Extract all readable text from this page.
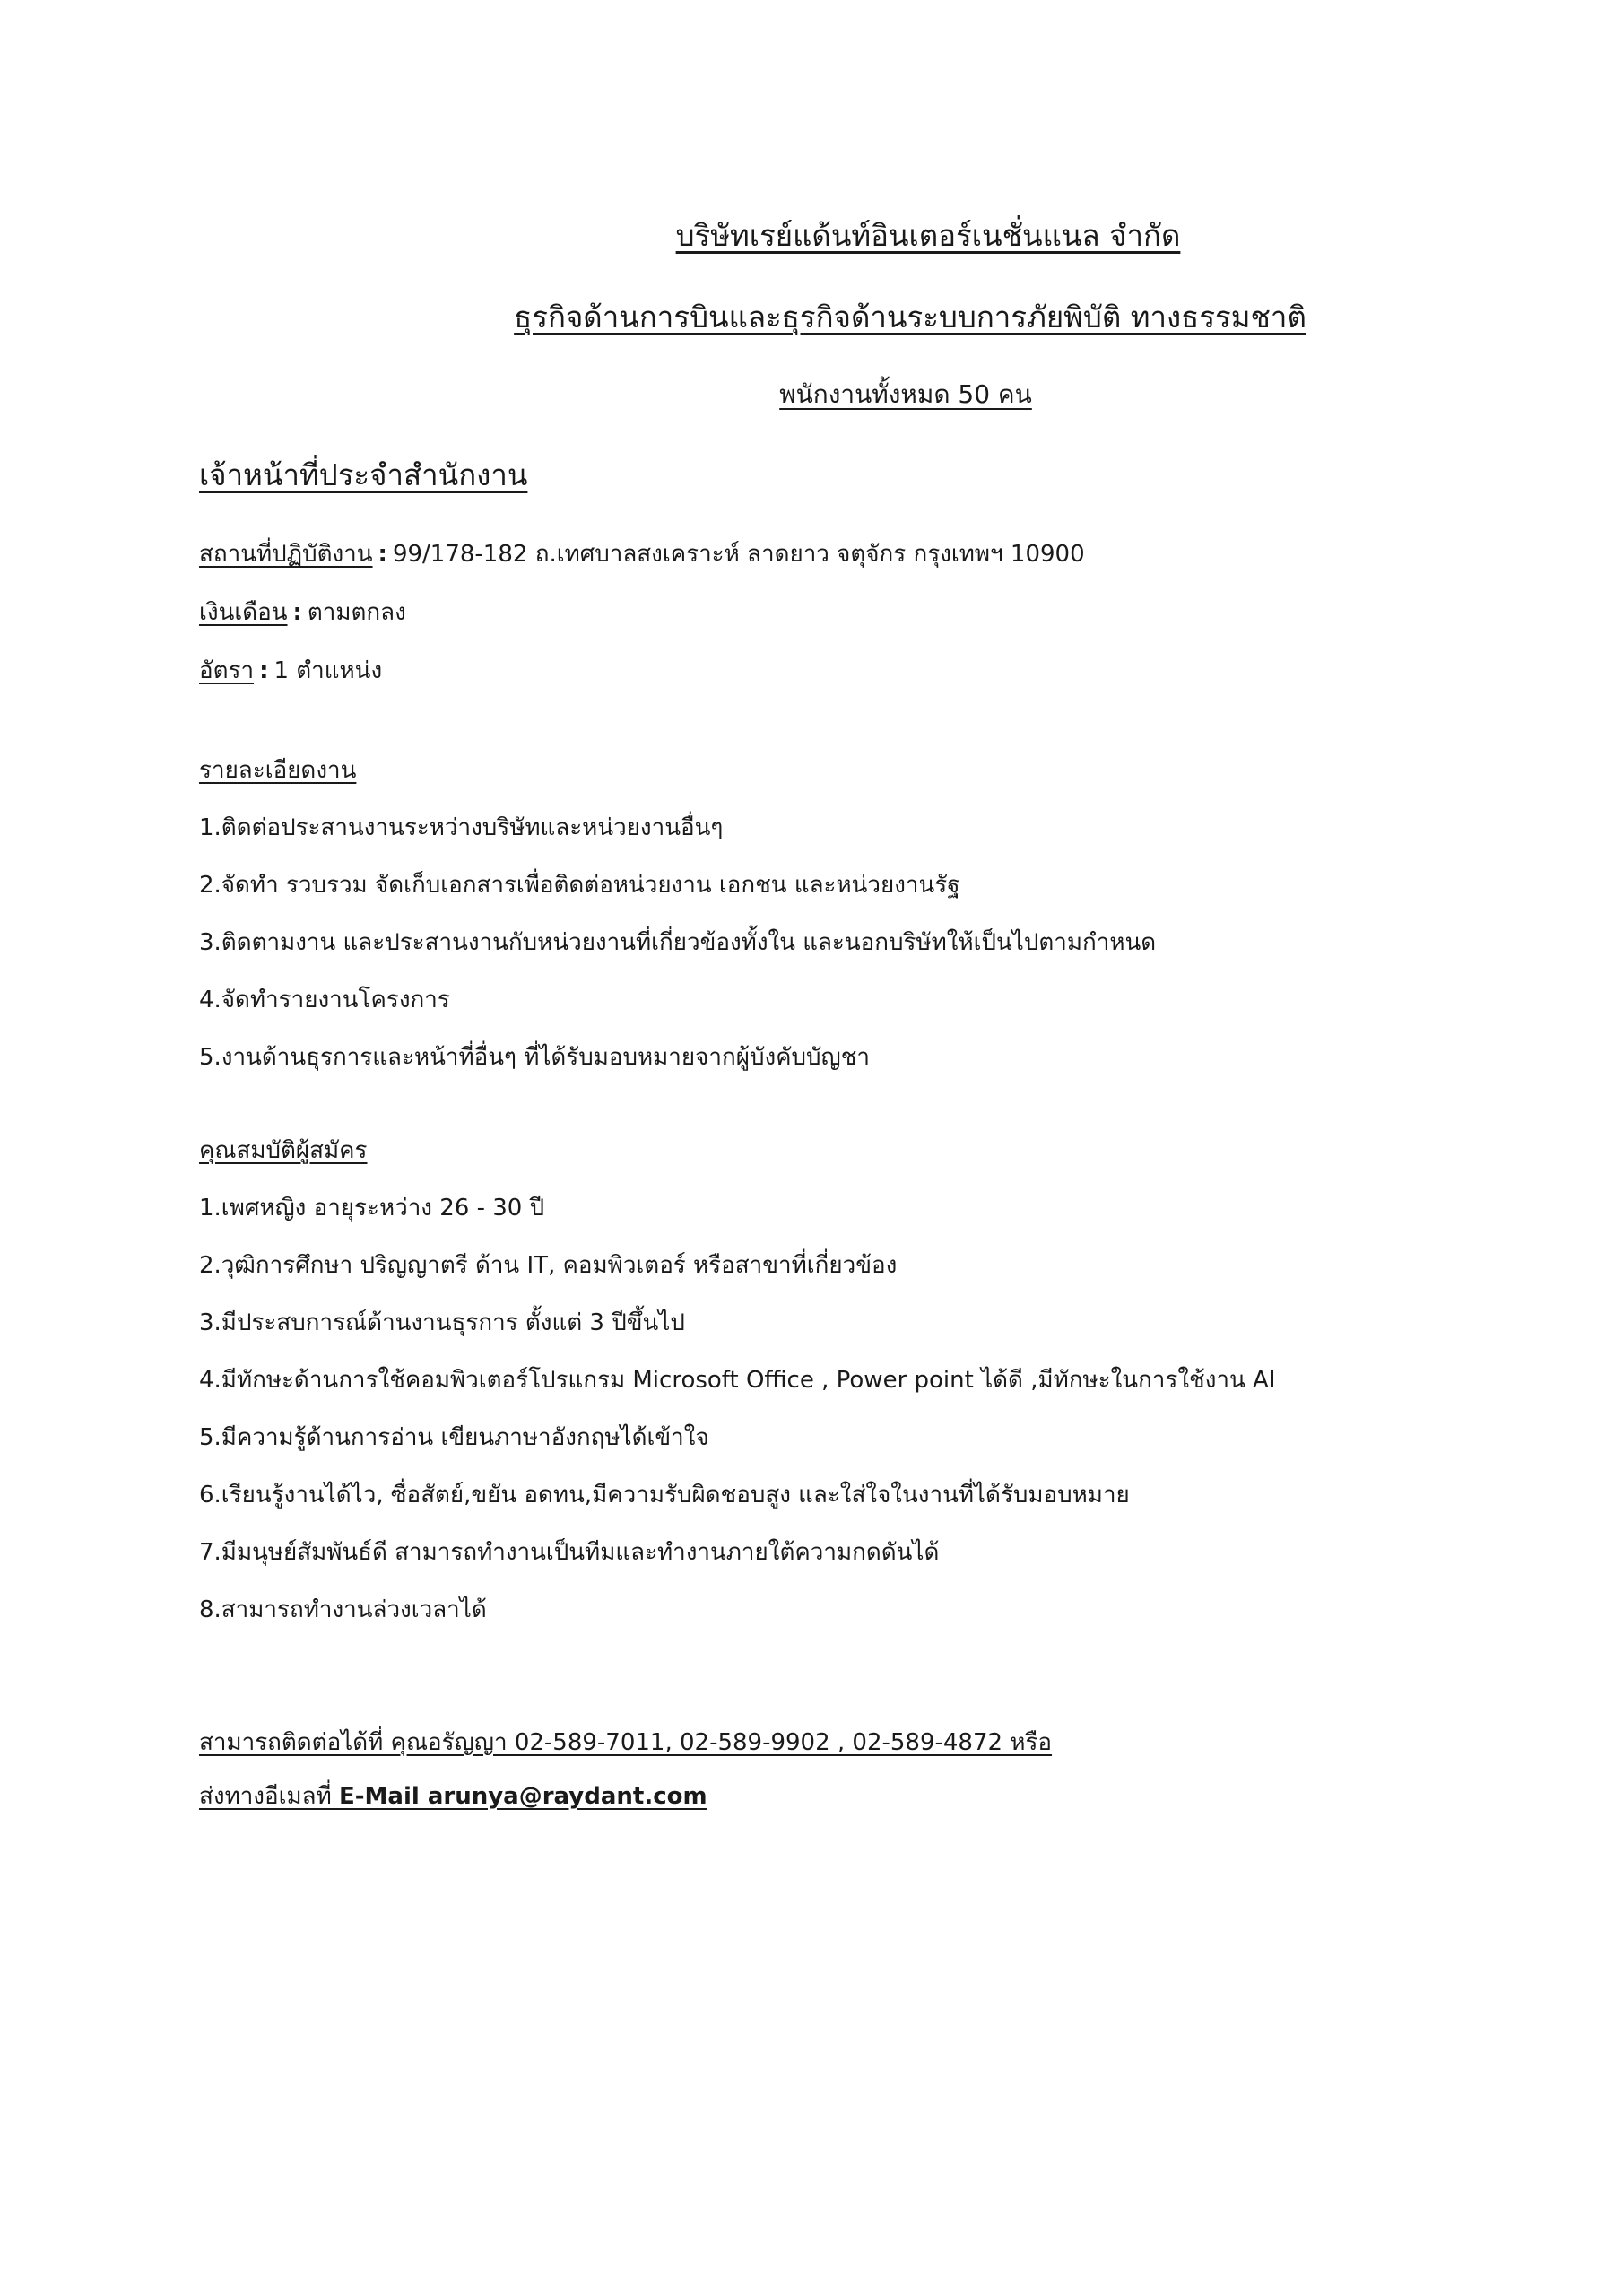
บริษัทเรย์แด้นท์อินเตอร์เนชั่นแนล จำกัด
ธุรกิจด้านการบินและธุรกิจด้านระบบการภัยพิบัติ ทางธรรมชาติ
พนักงานทั้งหมด 50 คน
เจ้าหน้าที่ประจำสำนักงาน
สถานที่ปฏิบัติงาน : 99/178-182 ถ.เทศบาลสงเคราะห์ ลาดยาว จตุจักร กรุงเทพฯ 10900
เงินเดือน : ตามตกลง
อัตรา : 1 ตำแหน่ง
รายละเอียดงาน
1.ติดต่อประสานงานระหว่างบริษัทและหน่วยงานอื่นๆ
2.จัดทำ รวบรวม จัดเก็บเอกสารเพื่อติดต่อหน่วยงาน เอกชน และหน่วยงานรัฐ
3.ติดตามงาน และประสานงานกับหน่วยงานที่เกี่ยวข้องทั้งใน และนอกบริษัทให้เป็นไปตามกำหนด
4.จัดทำรายงานโครงการ
5.งานด้านธุรการและหน้าที่อื่นๆ ที่ได้รับมอบหมายจากผู้บังคับบัญชา
คุณสมบัติผู้สมัคร
1.เพศหญิง อายุระหว่าง 26 - 30 ปี
2.วุฒิการศึกษา ปริญญาตรี ด้าน IT, คอมพิวเตอร์ หรือสาขาที่เกี่ยวข้อง
3.มีประสบการณ์ด้านงานธุรการ ตั้งแต่ 3 ปีขึ้นไป
4.มีทักษะด้านการใช้คอมพิวเตอร์โปรแกรม Microsoft Office , Power point ได้ดี ,มีทักษะในการใช้งาน AI
5.มีความรู้ด้านการอ่าน เขียนภาษาอังกฤษได้เข้าใจ
6.เรียนรู้งานได้ไว, ซื่อสัตย์,ขยัน อดทน,มีความรับผิดชอบสูง และใส่ใจในงานที่ได้รับมอบหมาย
7.มีมนุษย์สัมพันธ์ดี สามารถทำงานเป็นทีมและทำงานภายใต้ความกดดันได้
8.สามารถทำงานล่วงเวลาได้
สามารถติดต่อได้ที่ คุณอรัญญา 02-589-7011, 02-589-9902 , 02-589-4872 หรือ
ส่งทางอีเมลที่ E-Mail arunya@raydant.com
